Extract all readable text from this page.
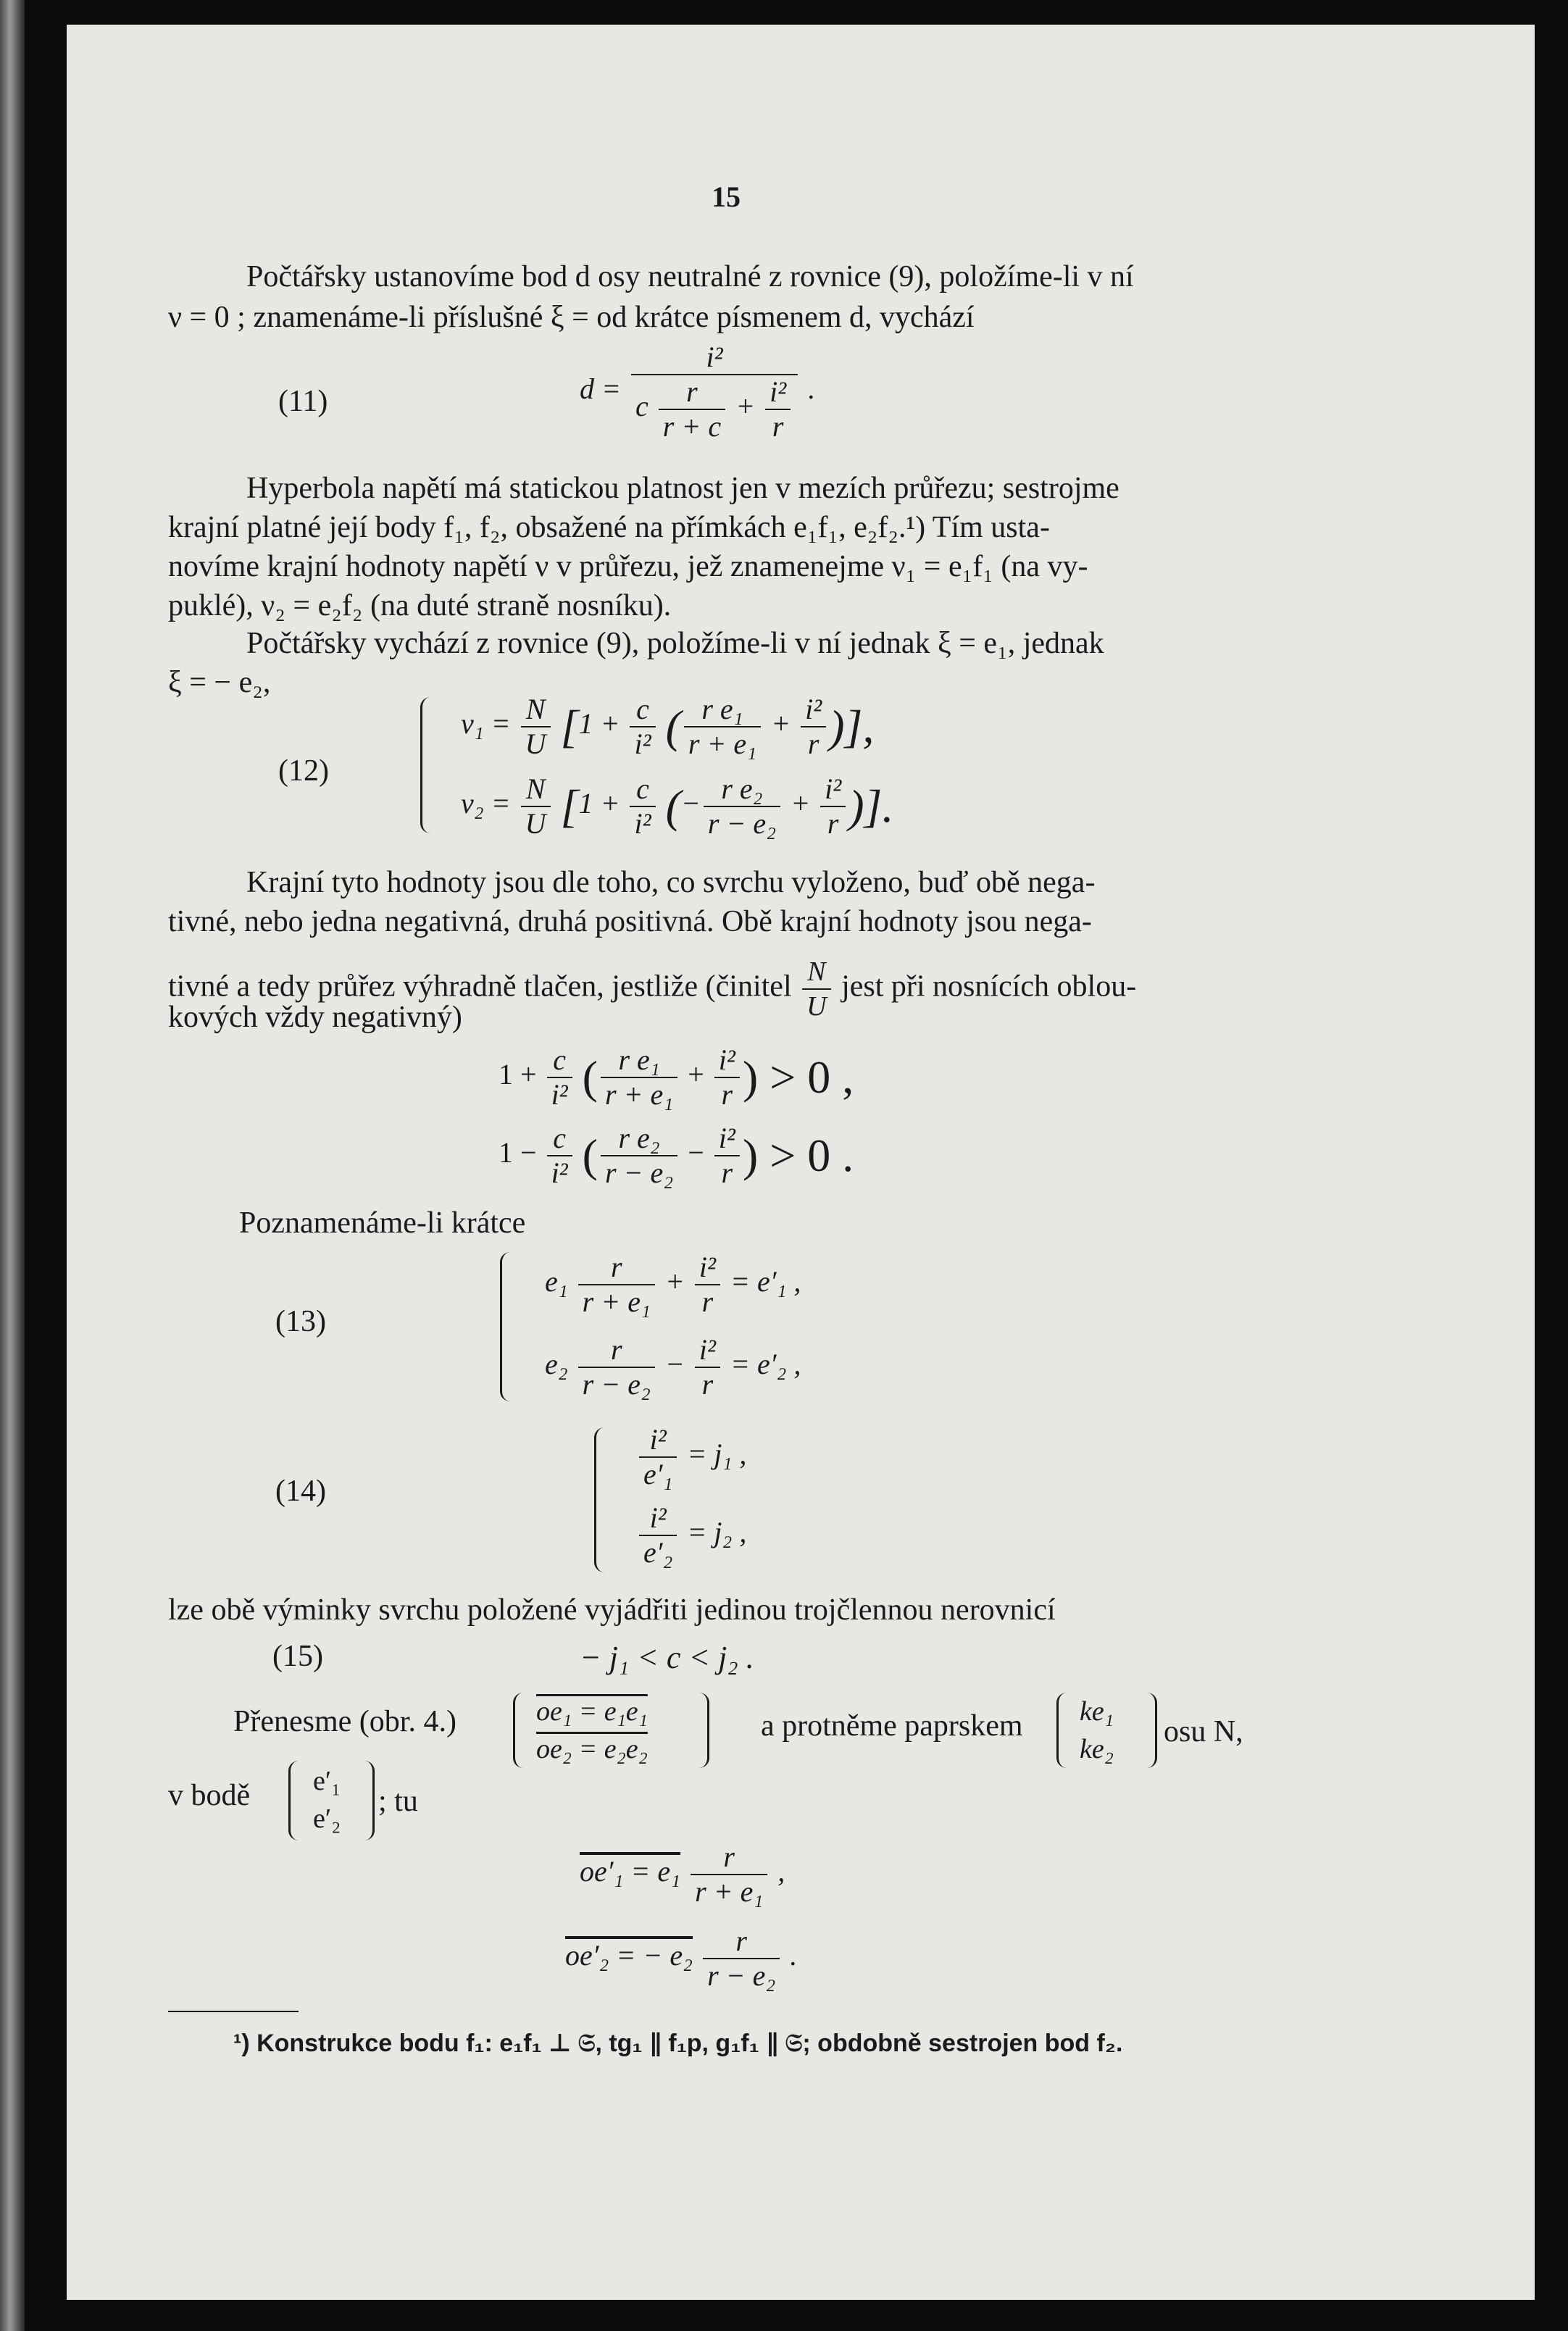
15
Počtářsky ustanovíme bod d osy neutralné z rovnice (9), položíme-li v ní
ν = 0 ; znamenáme-li příslušné ξ = od krátce písmenem d, vychází
(11)	$d = \frac{\text{i²}}{c \frac{r}{r + c} + \frac{\text{i²}}{r}}$ .
Hyperbola napětí má statickou platnost jen v mezích průřezu; sestrojme
krajní platné její body f₁, f₂, obsažené na přímkách e₁f₁, e₂f₂.¹) Tím usta-
novíme krajní hodnoty napětí ν v průřezu, jež znamenejme ν₁ = e₁f₁ (na vy-
puklé), ν₂ = e₂f₂ (na duté straně nosníku).
Počtářsky vychází z rovnice (9), položíme-li v ní jednak ξ = e₁, jednak
ξ = − e₂,
(12)
$\nu_1 = \frac{N}{U} [1 + \frac{c}{\text{i²}}$ ( $\frac{\text{r e₁}}{\text{r + e₁}} + \frac{\text{i²}}{r}$ )],
$\nu_2 = \frac{N}{U} [1 + \frac{c}{\text{i²}}$ (− $\frac{\text{r e₂}}{\text{r − e₂}} + \frac{\text{i²}}{r}$ )].
Krajní tyto hodnoty jsou dle toho, co svrchu vyloženo, buď obě nega-
tivné, nebo jedna negativná, druhá positivná. Obě krajní hodnoty jsou nega-
tivné a tedy průřez výhradně tlačen, jestliže (činitel $\frac{N}{U}$ jest při nosnících oblou-
kových vždy negativný)
$1 + \frac{c}{\text{i²}}$ ( $\frac{\text{r e₁}}{\text{r + e₁}} + \frac{\text{i²}}{r}$ ) > 0 ,
$1 - \frac{c}{\text{i²}}$ ( $\frac{\text{r e₂}}{\text{r − e₂}} - \frac{\text{i²}}{r}$ ) > 0 .
Poznamenáme-li krátce
(13)
$e_1 \frac{r}{\text{r + e₁}} + \frac{\text{i²}}{r} = e'_1$ ,
$e_2 \frac{r}{\text{r − e₂}} - \frac{\text{i²}}{r} = e'_2$ ,
(14)	$\frac{\text{i²}}{\text{e′₁}} = j_1$ ,
$\frac{\text{i²}}{\text{e′₂}} = j_2$ ,
lze obě výminky svrchu položené vyjádřiti jedinou trojčlennou nerovnicí
(15)	− j₁ < c < j₂ .
Přenesme (obr. 4.)	oe₁ = e₁e₁
oe₂ = e₂e₂
a protněme paprskem ke₁
ke₂
osu N,
v bodě e′₁
e′₂
; tu
$oe'_1 = e_1 \frac{r}{\text{r + e₁}}$ ,
oe′₂ = − $e_2 \frac{r}{\text{r − e₂}}$ .
¹) Konstrukce bodu f₁: e₁f₁ ⊥ 𝔖, tg₁ ∥ f₁p, g₁f₁ ∥ 𝔖; obdobně sestrojen bod f₂.
